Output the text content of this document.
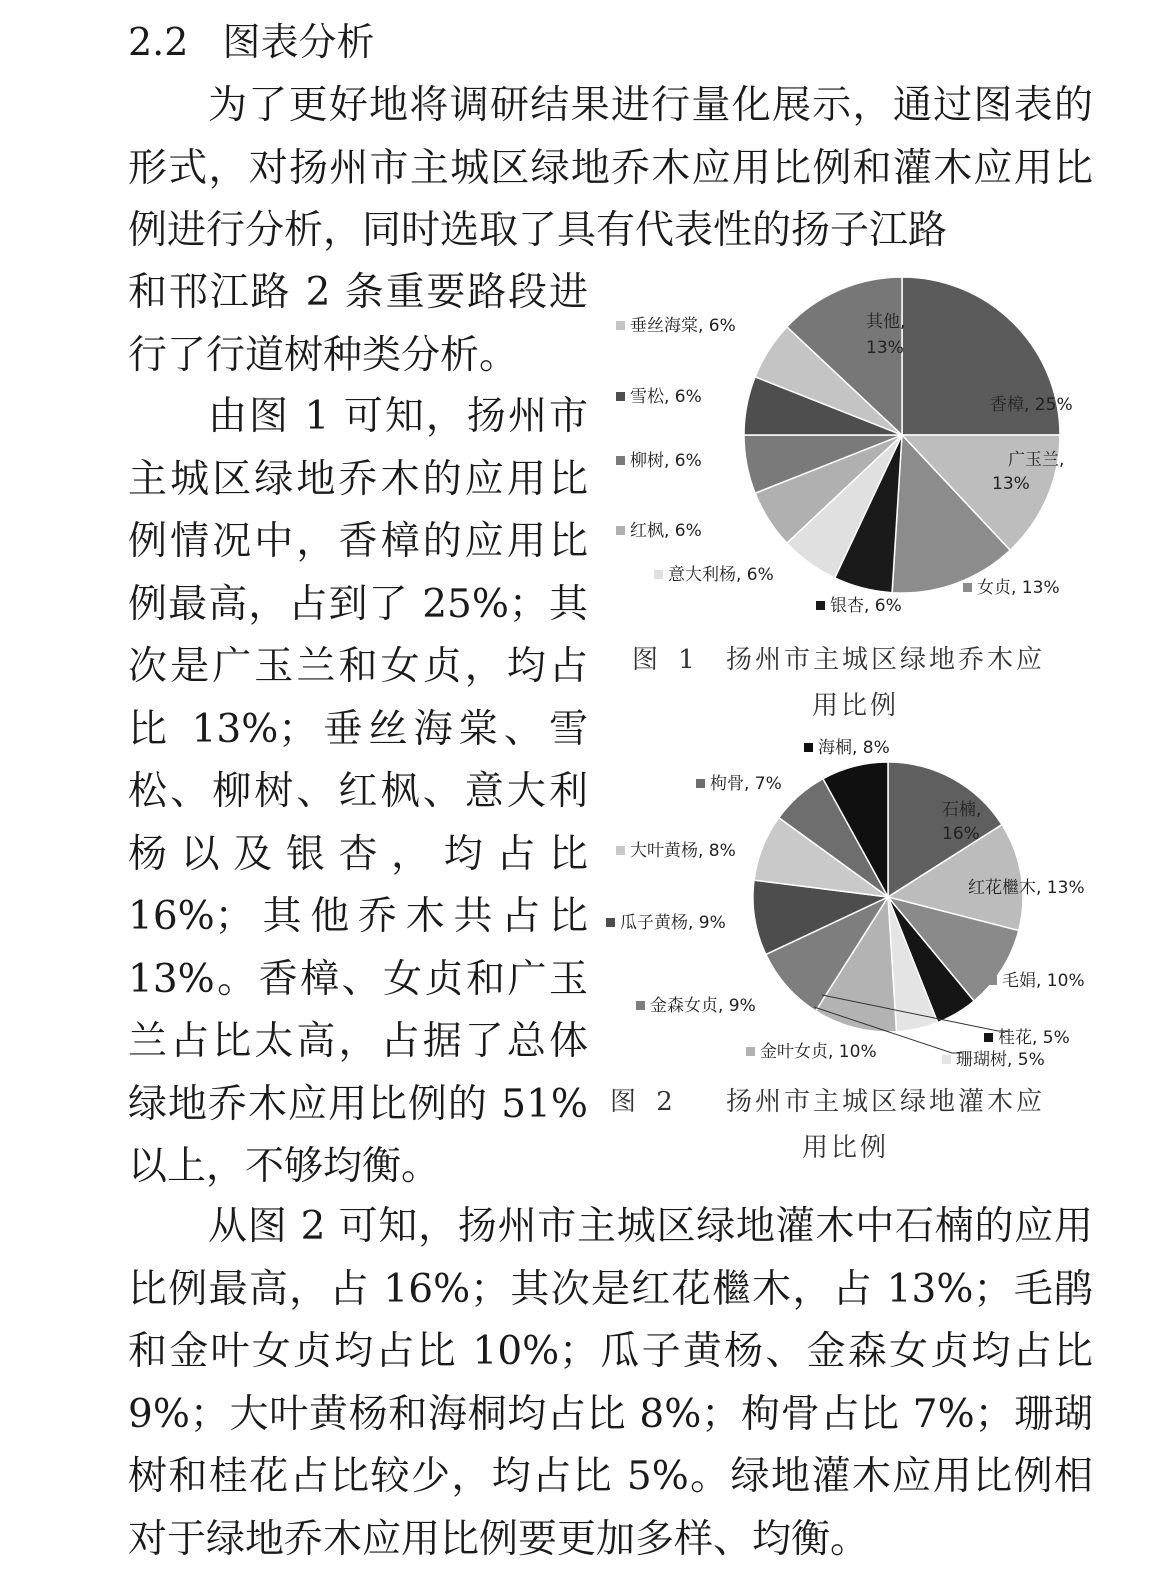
2.2 图表分析
为了更好地将调研结果进行量化展示，通过图表的形式，对扬州市主城区绿地乔木应用比例和灌木应用比例进行分析，同时选取了具有代表性的扬子江路
和邗江路 2 条重要路段进行了行道树种类分析。
由图 1 可知，扬州市主城区绿地乔木的应用比例情况中，香樟的应用比例最高，占到了 25%；其次是广玉兰和女贞，均占比 13%；垂丝海棠、雪松、柳树、红枫、意大利杨以及银杏，均占比 16%；其他乔木共占比 13%。香樟、女贞和广玉兰占比太高，占据了总体绿地乔木应用比例的 51%以上，不够均衡。
从图 2 可知，扬州市主城区绿地灌木中石楠的应用比例最高，占 16%；其次是红花檵木，占 13%；毛鹃和金叶女贞均占比 10%；瓜子黄杨、金森女贞均占比 9%；大叶黄杨和海桐均占比 8%；枸骨占比 7%；珊瑚树和桂花占比较少，均占比 5%。绿地灌木应用比例相对于绿地乔木应用比例要更加多样、均衡。
香樟, 25%
广玉兰,
13%
其他,
13%
女贞, 13%
银杏, 6%
意大利杨, 6%
红枫, 6%
柳树, 6%
雪松, 6%
垂丝海棠, 6%
石楠,
16%
红花檵木, 13%
毛娟, 10%
桂花, 5%
珊瑚树, 5%
金叶女贞, 10%
金森女贞, 9%
瓜子黄杨, 9%
大叶黄杨, 8%
枸骨, 7%
海桐, 8%
图 1 扬州市主城区绿地乔木应
用比例
图 2 扬州市主城区绿地灌木应
用比例
